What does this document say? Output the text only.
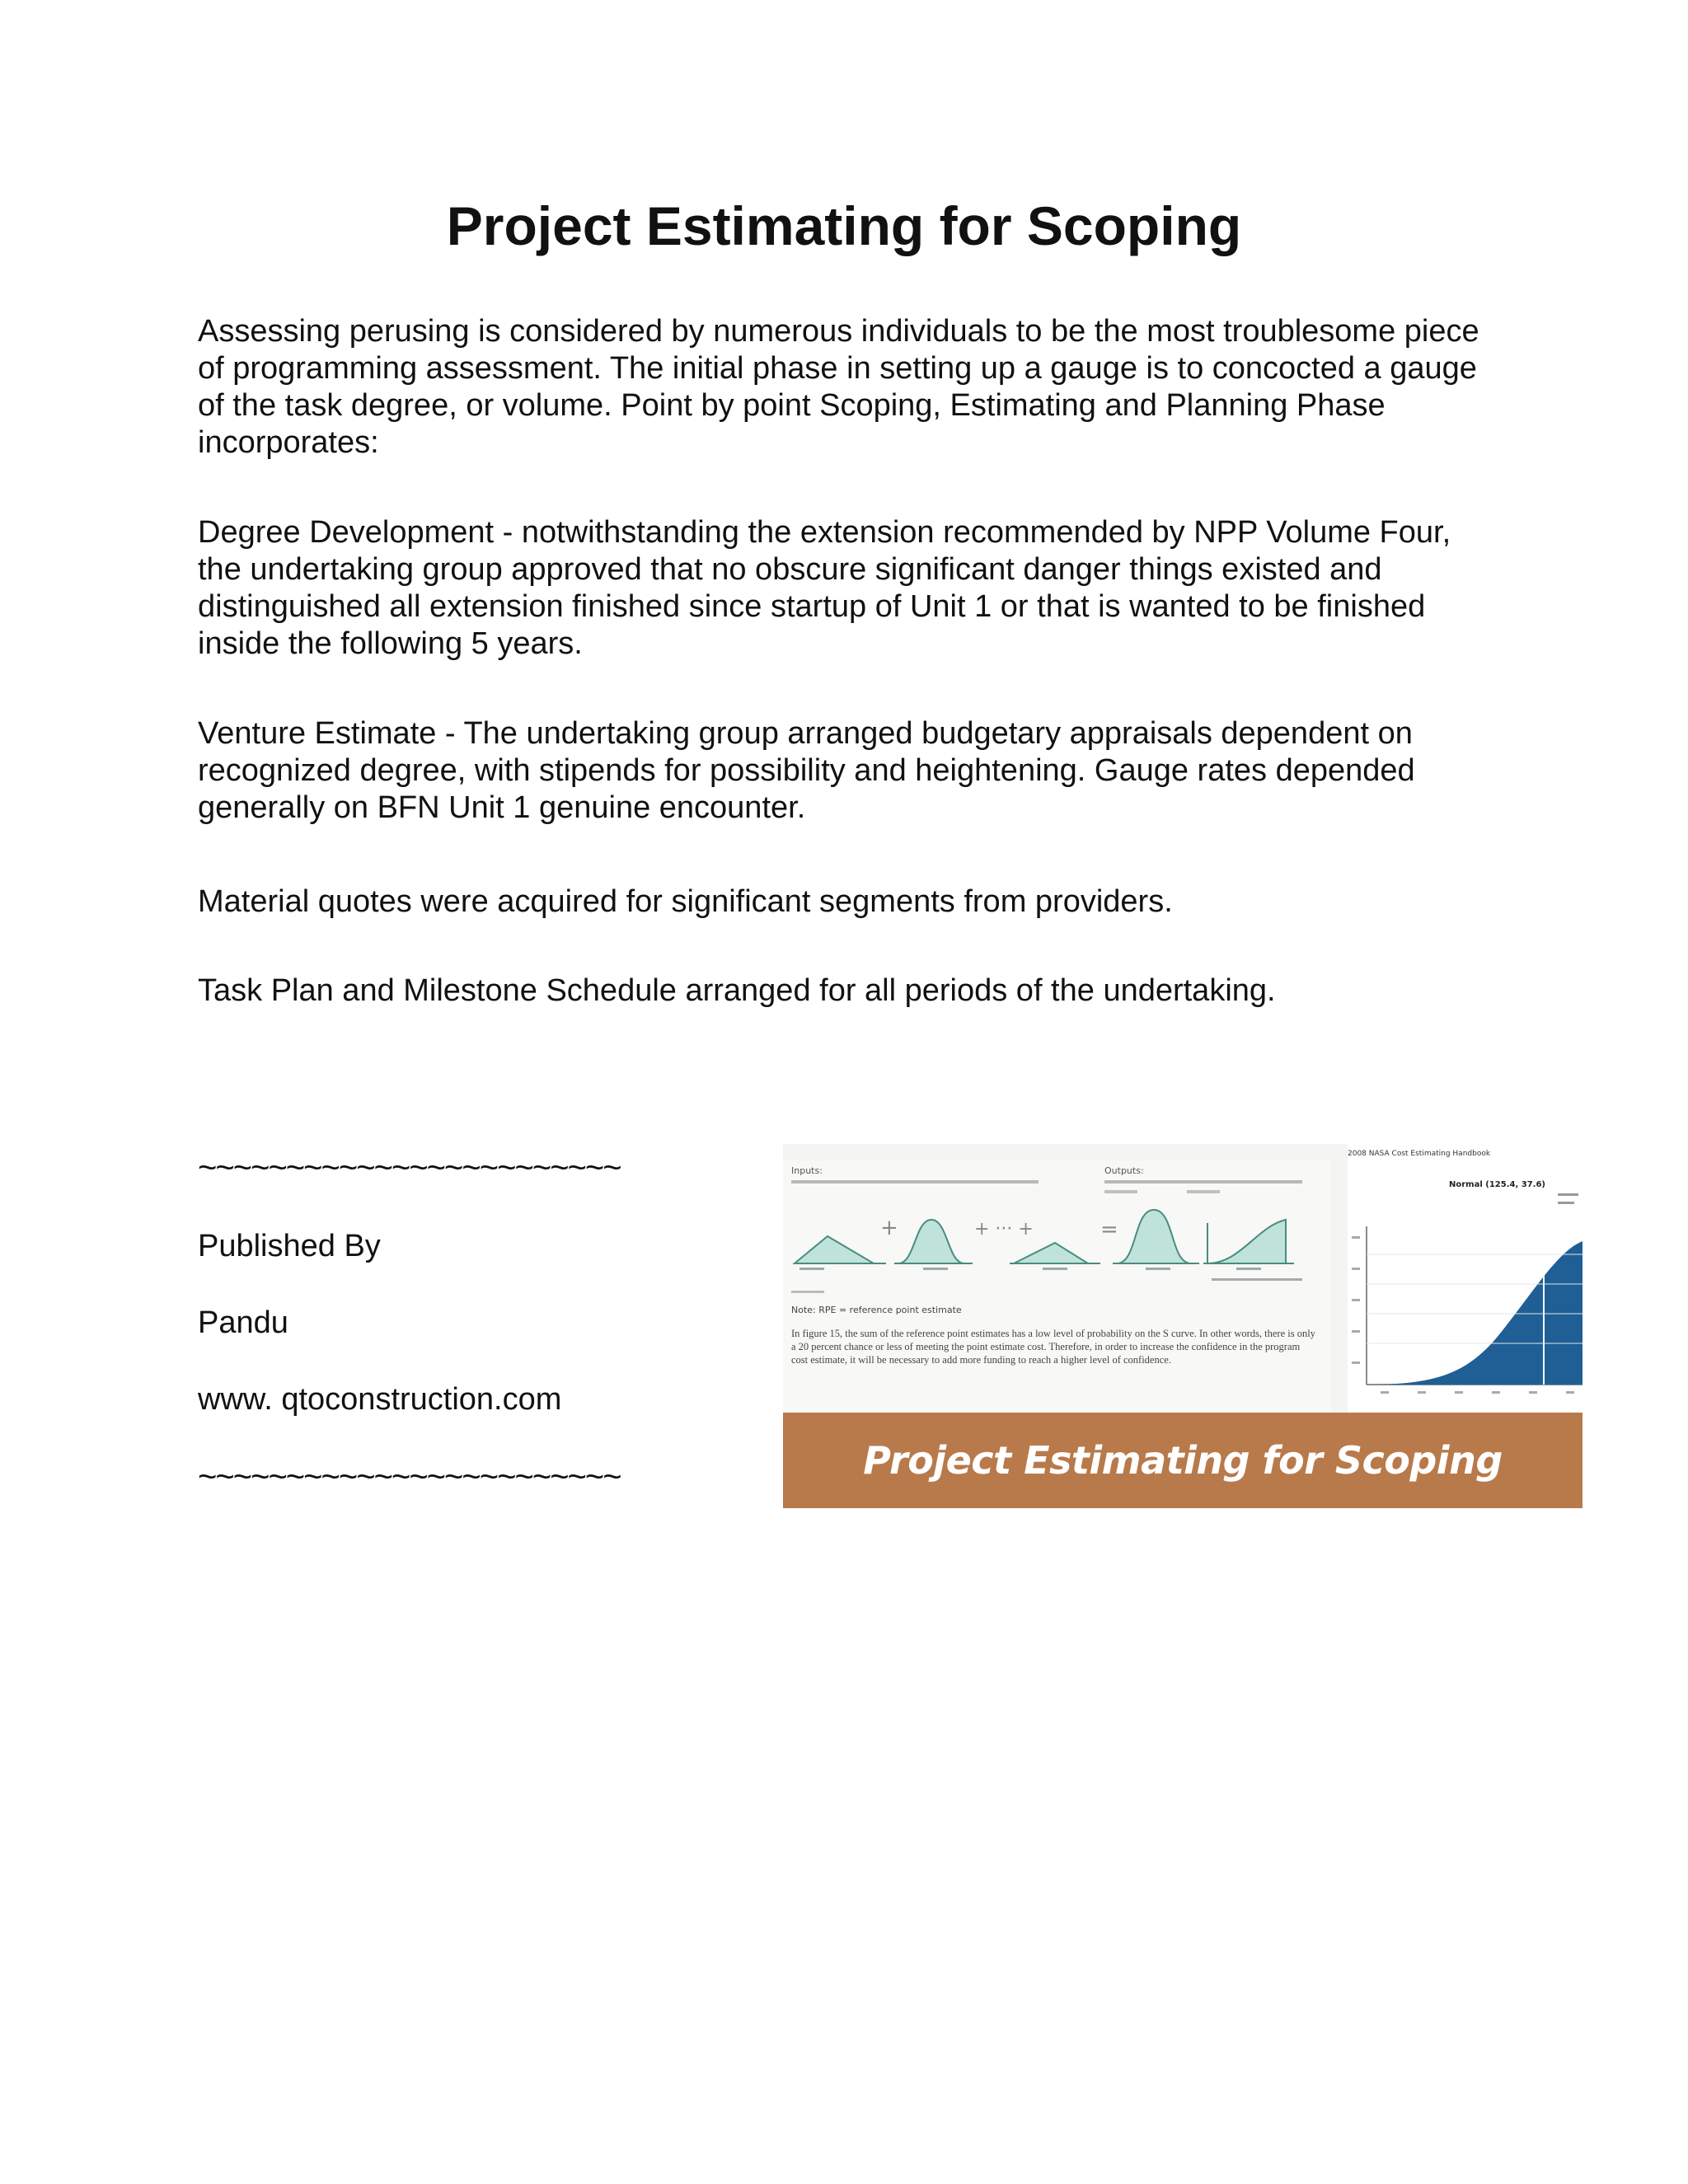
Project Estimating for Scoping

Assessing perusing is considered by numerous individuals to be the most troublesome piece of programming assessment. The initial phase in setting up a gauge is to concocted a gauge of the task degree, or volume. Point by point Scoping, Estimating and Planning Phase incorporates:

Degree Development - notwithstanding the extension recommended by NPP Volume Four, the undertaking group approved that no obscure significant danger things existed and distinguished all extension finished since startup of Unit 1 or that is wanted to be finished inside the following 5 years.

Venture Estimate - The undertaking group arranged budgetary appraisals dependent on recognized degree, with stipends for possibility and heightening. Gauge rates depended generally on BFN Unit 1 genuine encounter.

Material quotes were acquired for significant segments from providers.

Task Plan and Milestone Schedule arranged for all periods of the undertaking.

~~~~~~~~~~~~~~~~~~~~~~~~

Published By

Pandu

www. qtoconstruction.com

~~~~~~~~~~~~~~~~~~~~~~~~

Inputs:	Outputs:
+	+ ··· +	=
Note: RPE = reference point estimate
In figure 15, the sum of the reference point estimates has a low level of probability on the S curve. In other words, there is only a 20 percent chance or less of meeting the point estimate cost. Therefore, in order to increase the confidence in the program cost estimate, it will be necessary to add more funding to reach a higher level of confidence.
2008 NASA Cost Estimating Handbook
Normal (125.4, 37.6)
Project Estimating for Scoping
